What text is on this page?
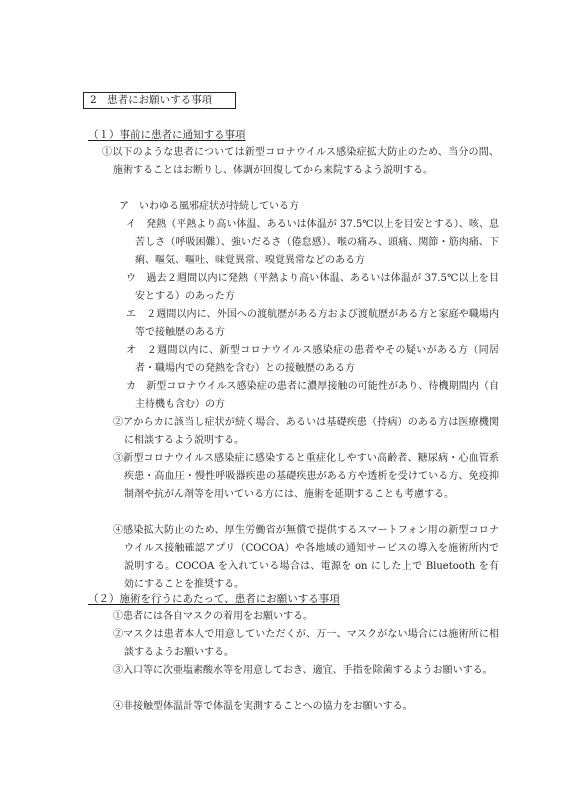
2　患者にお願いする事項
（１）事前に患者に通知する事項

①以下のような患者については新型コロナウイルス感染症拡大防止のため、当分の間、施術することはお断りし、体調が回復してから来院するよう説明する。

ア　いわゆる風邪症状が持続している方

イ　発熱（平熱より高い体温、あるいは体温が 37.5℃以上を目安とする）、咳、息苦しさ（呼吸困難）、強いだるさ（倦怠感）、喉の痛み、頭痛、関節・筋肉痛、下痢、嘔気、嘔吐、味覚異常、嗅覚異常などのある方

ウ　過去２週間以内に発熱（平熱より高い体温、あるいは体温が 37.5℃以上を目安とする）のあった方

エ　２週間以内に、外国への渡航歴がある方および渡航歴がある方と家庭や職場内等で接触歴のある方

オ　２週間以内に、新型コロナウイルス感染症の患者やその疑いがある方（同居者・職場内での発熱を含む）との接触歴のある方

カ　新型コロナウイルス感染症の患者に濃厚接触の可能性があり、待機期間内（自主待機も含む）の方

②アからカに該当し症状が続く場合、あるいは基礎疾患（持病）のある方は医療機関に相談するよう説明する。

③新型コロナウイルス感染症に感染すると重症化しやすい高齢者、糖尿病・心血管系疾患・高血圧・慢性呼吸器疾患の基礎疾患がある方や透析を受けている方、免疫抑制剤や抗がん剤等を用いている方には、施術を延期することも考慮する。

④感染拡大防止のため、厚生労働省が無償で提供するスマートフォン用の新型コロナウイルス接触確認アプリ（COCOA）や各地域の通知サービスの導入を施術所内で説明する。COCOA を入れている場合は、電源を on にした上で Bluetooth を有効にすることを推奨する。

（２）施術を行うにあたって、患者にお願いする事項

①患者には各自マスクの着用をお願いする。

②マスクは患者本人で用意していただくが、万一、マスクがない場合には施術所に相談するようお願いする。

③入口等に次亜塩素酸水等を用意しておき、適宜、手指を除菌するようお願いする。

④非接触型体温計等で体温を実測することへの協力をお願いする。
